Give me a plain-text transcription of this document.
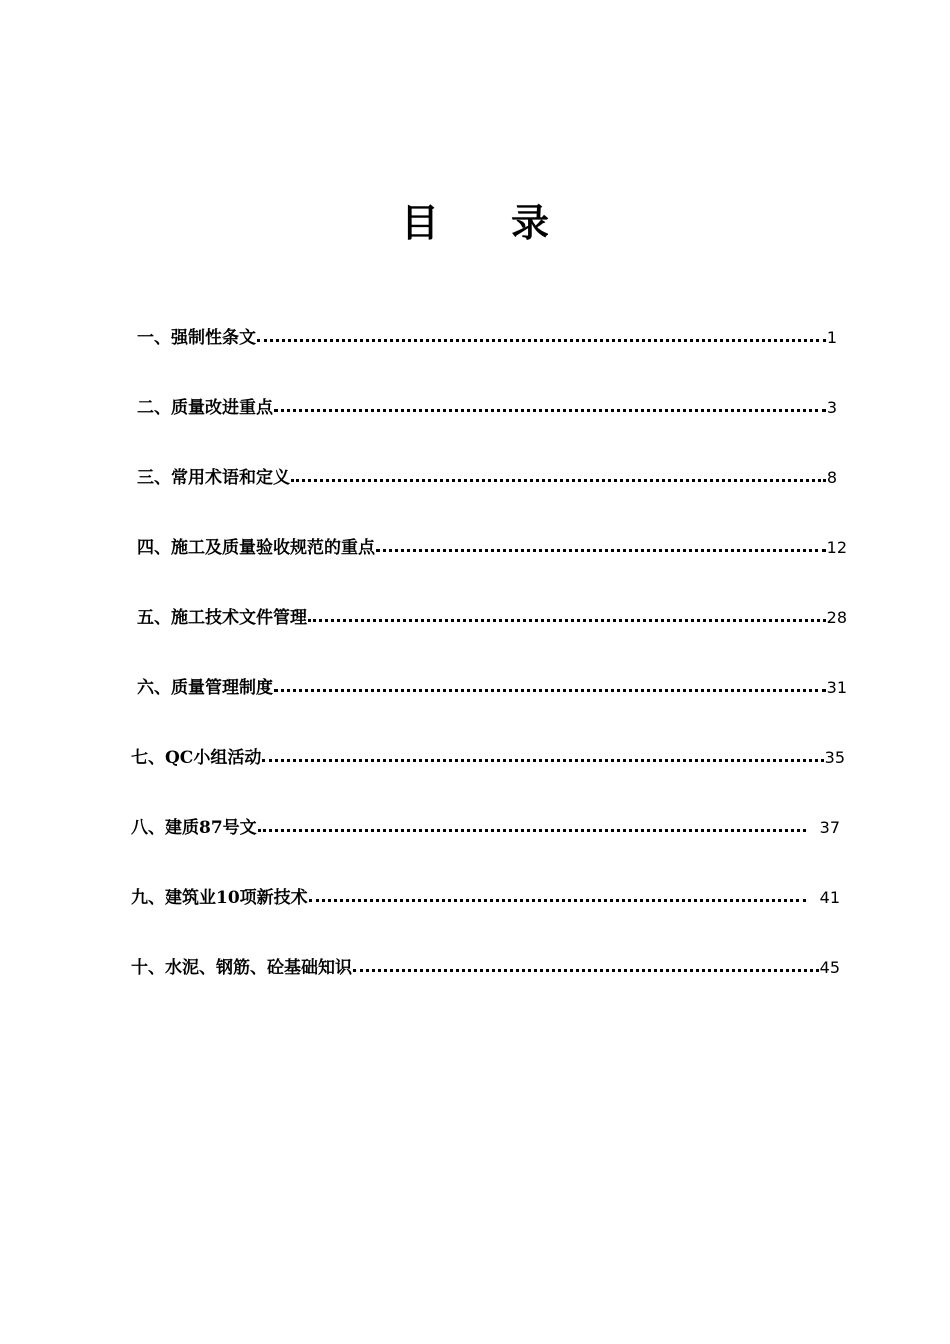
目 录
一、强制性条文	1
二、质量改进重点	3
三、常用术语和定义	8
四、施工及质量验收规范的重点	12
五、施工技术文件管理	28
六、质量管理制度	31
七、QC小组活动	35
八、建质87号文	37
九、建筑业10项新技术	41
十、水泥、钢筋、砼基础知识	45
